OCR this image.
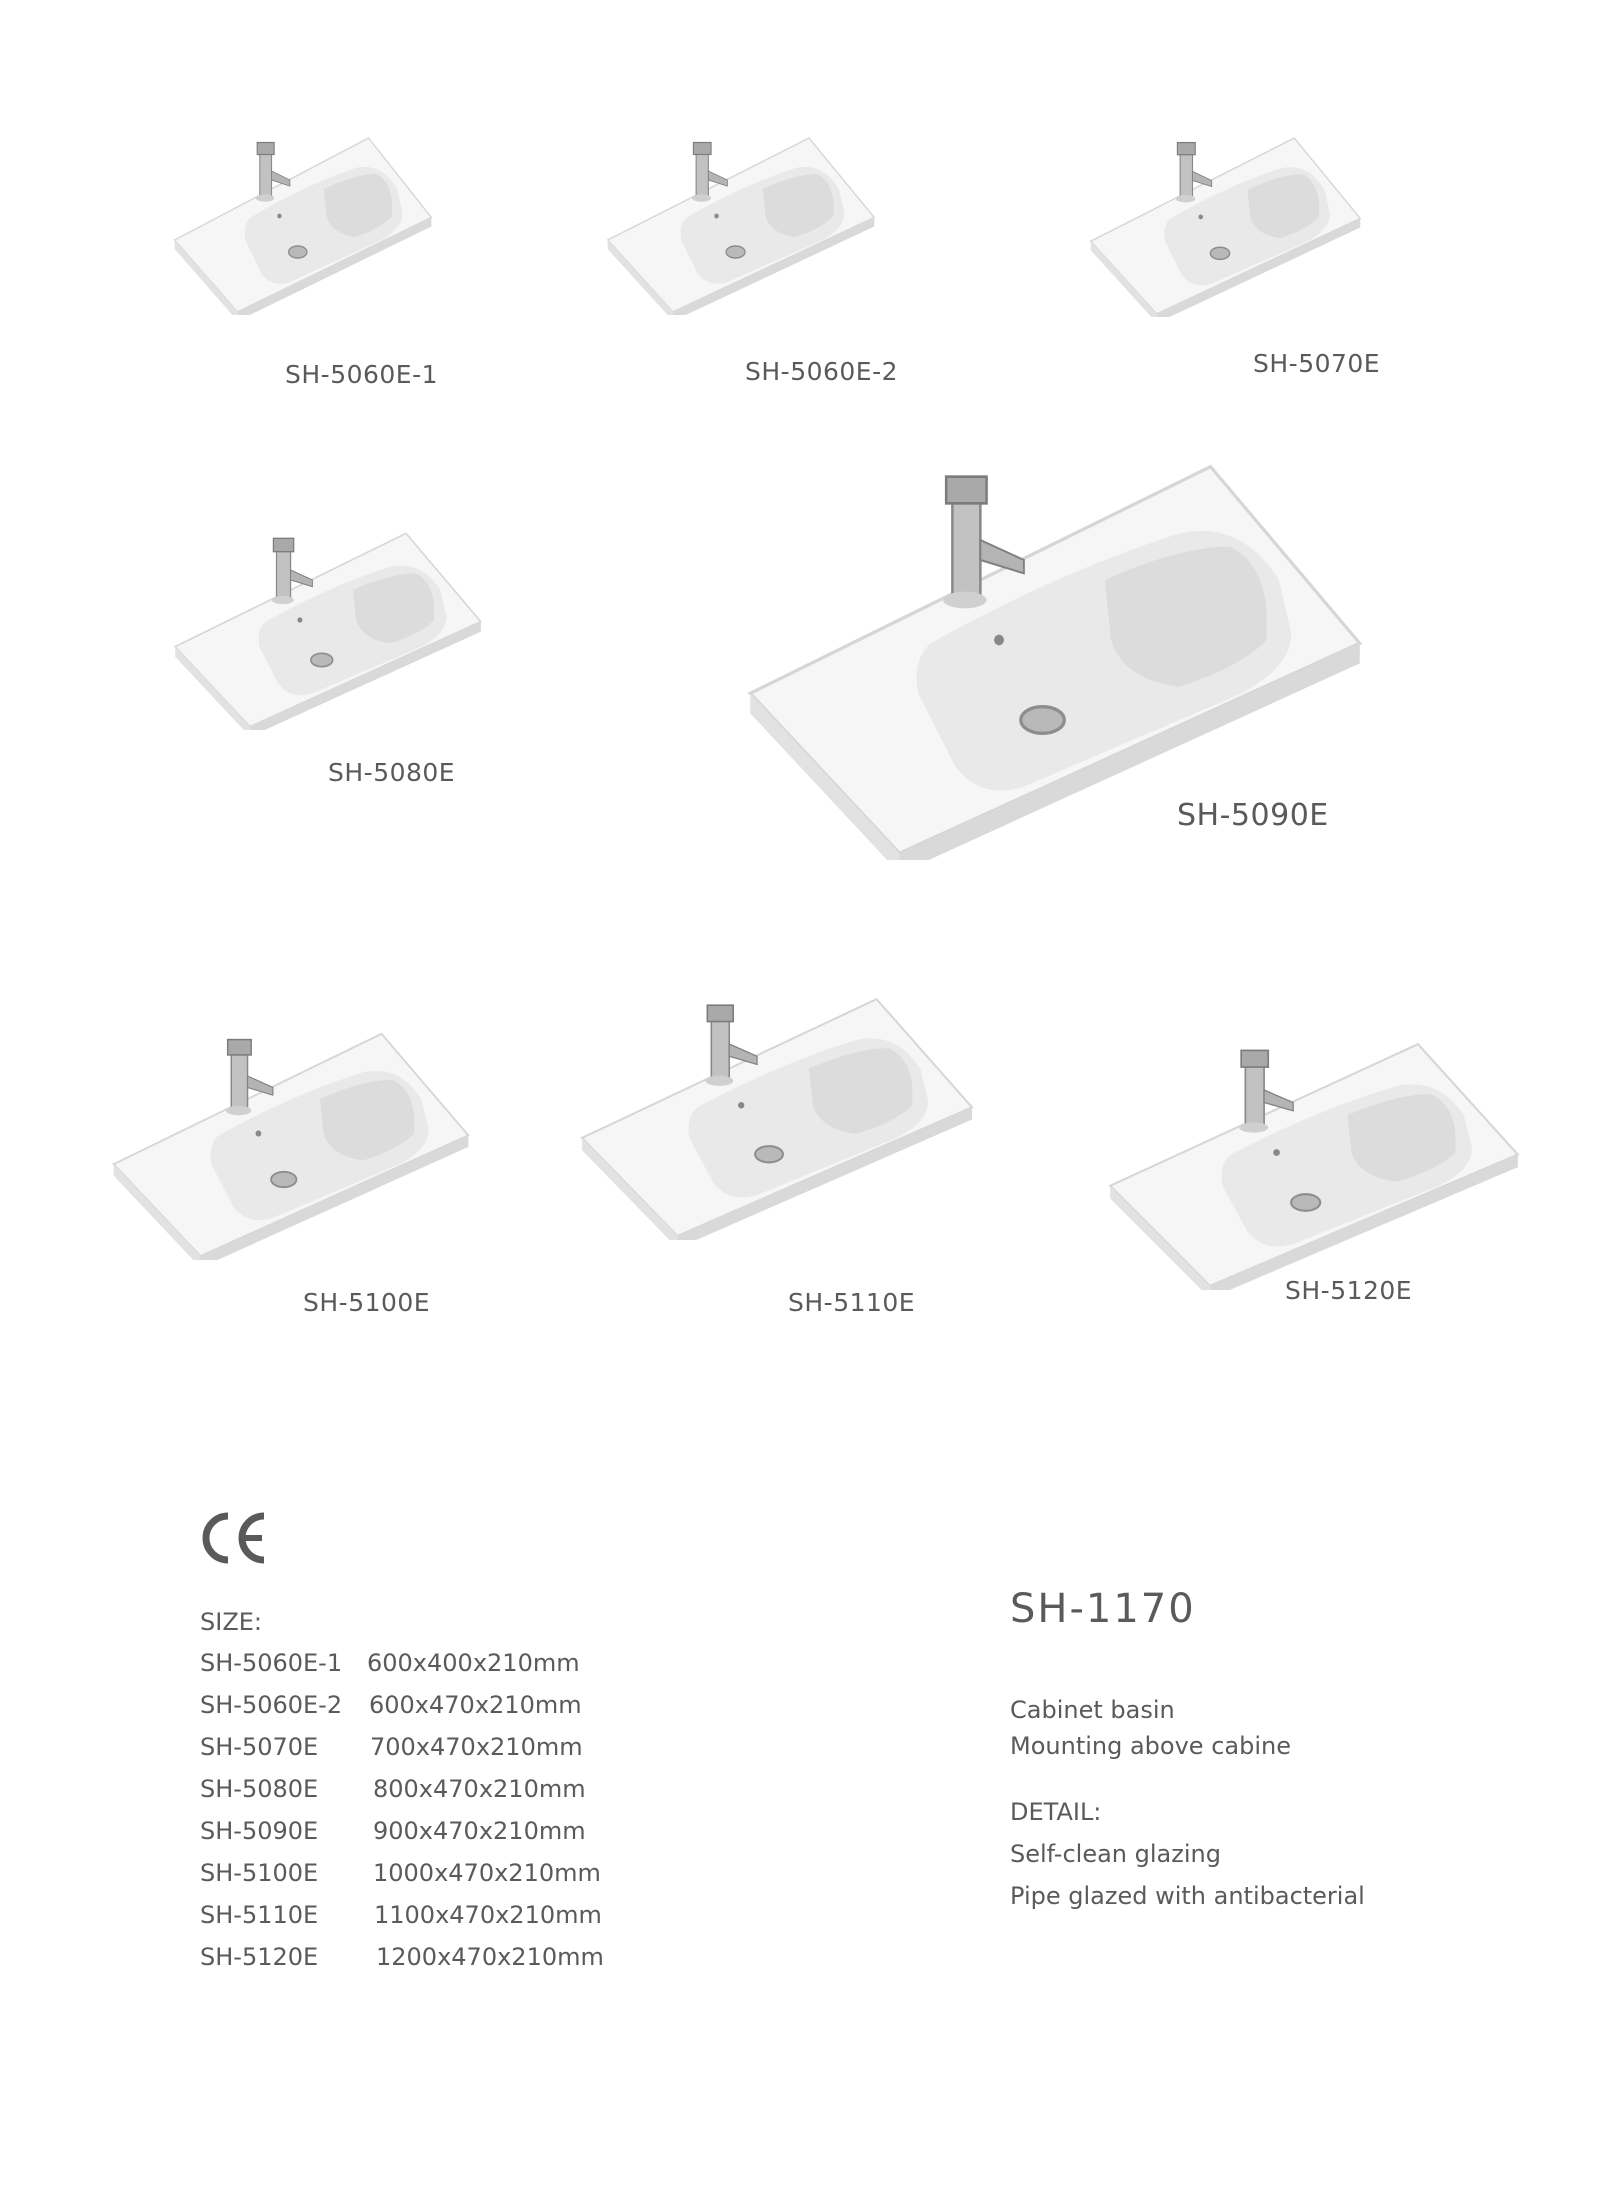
SH-5060E-1	SH-5060E-2	SH-5070E
SH-5080E
SH-5090E
SH-5100E	SH-5110E	SH-5120E
SIZE:
SH-5060E-1 600x400x210mm
SH-5060E-2 600x470x210mm
SH-5070E 700x470x210mm
SH-5080E 800x470x210mm
SH-5090E 900x470x210mm
SH-5100E 1000x470x210mm
SH-5110E 1100x470x210mm
SH-5120E 1200x470x210mm
SH-1170
Cabinet basin
Mounting above cabine
DETAIL:
Self-clean glazing
Pipe glazed with antibacterial
